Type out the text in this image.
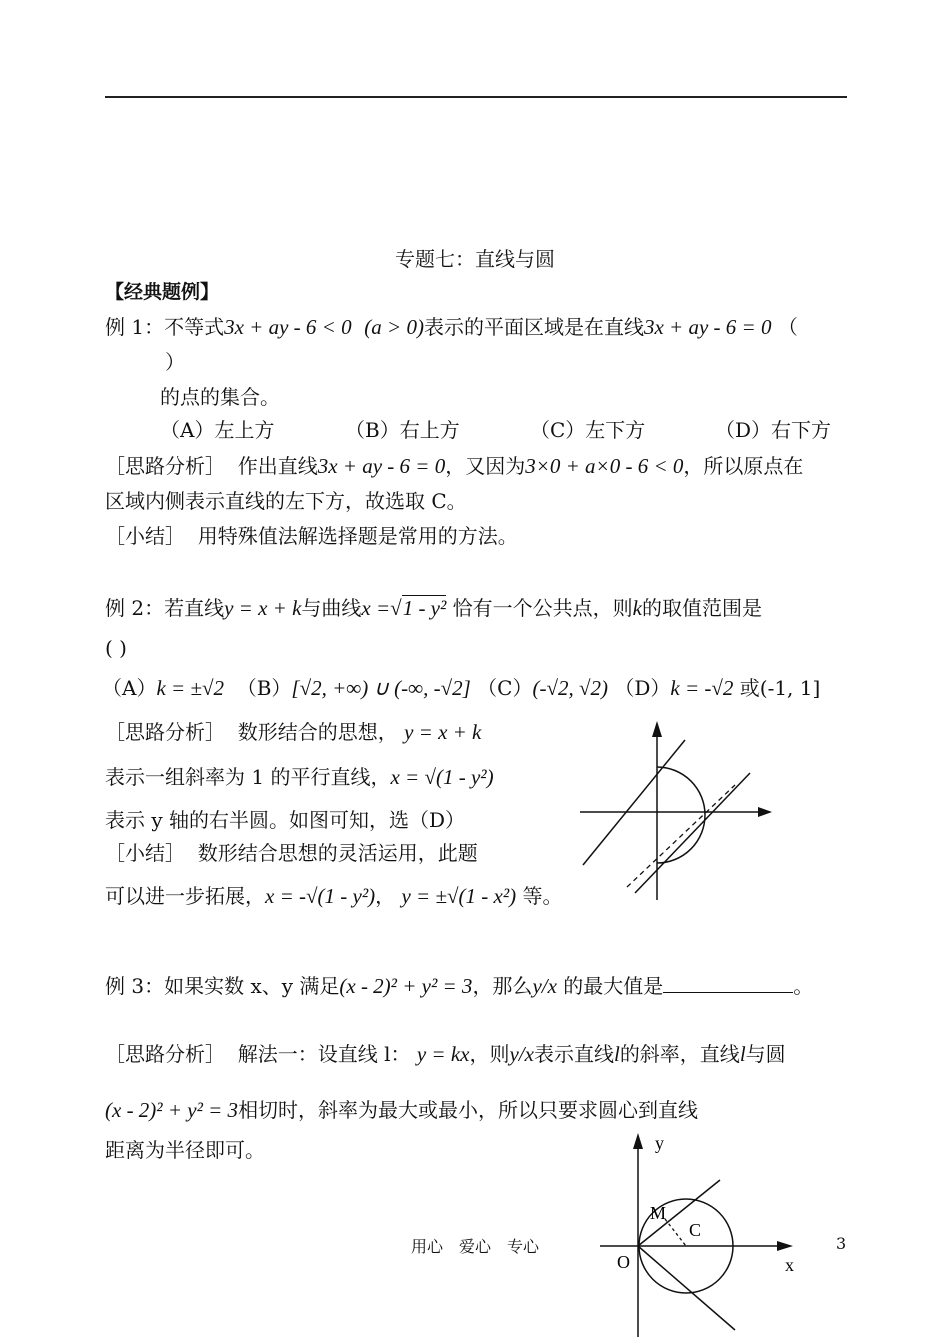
专题七：直线与圆
【经典题例】
例 1：不等式3x + ay - 6 < 0 (a > 0)表示的平面区域是在直线3x + ay - 6 = 0 （
）
的点的集合。
（A）左上方	（B）右上方	（C）左下方	（D）右下方
［思路分析］ 作出直线3x + ay - 6 = 0，又因为3×0 + a×0 - 6 < 0，所以原点在
区域内侧表示直线的左下方，故选取 C。
［小结］ 用特殊值法解选择题是常用的方法。
例 2：若直线y = x + k与曲线x =√1 - y² 恰有一个公共点，则k的取值范围是
( )
（A）k = ±√2 （B）[√2, +∞) ∪ (-∞, -√2] （C）(-√2, √2) （D）k = -√2 或(-1, 1]
［思路分析］ 数形结合的思想， y = x + k
表示一组斜率为 1 的平行直线，x = √(1 - y²)
表示 y 轴的右半圆。如图可知，选（D）
［小结］ 数形结合思想的灵活运用，此题
可以进一步拓展，x = -√(1 - y²)， y = ±√(1 - x²) 等。
例 3：如果实数 x、y 满足(x - 2)² + y² = 3，那么y/x 的最大值是	。
［思路分析］ 解法一：设直线 l： y = kx，则y/x表示直线l的斜率，直线l与圆
(x - 2)² + y² = 3相切时，斜率为最大或最小，所以只要求圆心到直线
距离为半径即可。	y
x
O
M
C
用心　爱心　专心	3
